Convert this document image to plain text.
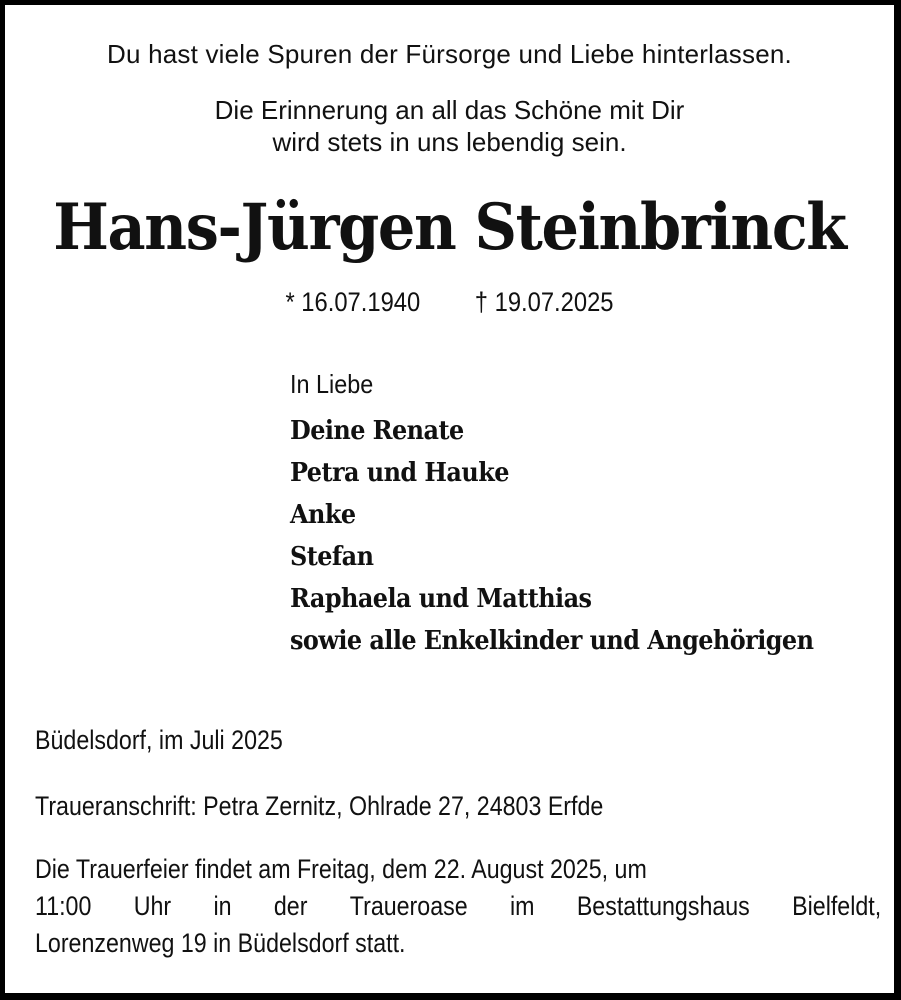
Du hast viele Spuren der Fürsorge und Liebe hinterlassen.
Die Erinnerung an all das Schöne mit Dir
wird stets in uns lebendig sein.
Hans-Jürgen Steinbrinck
* 16.07.1940 † 19.07.2025
In Liebe
Deine Renate
Petra und Hauke
Anke
Stefan
Raphaela und Matthias
sowie alle Enkelkinder und Angehörigen
Büdelsdorf, im Juli 2025
Traueranschrift: Petra Zernitz, Ohlrade 27, 24803 Erfde
Die Trauerfeier findet am Freitag, dem 22. August 2025, um
11:00 Uhr in der Traueroase im Bestattungshaus Bielfeldt,
Lorenzenweg 19 in Büdelsdorf statt.
